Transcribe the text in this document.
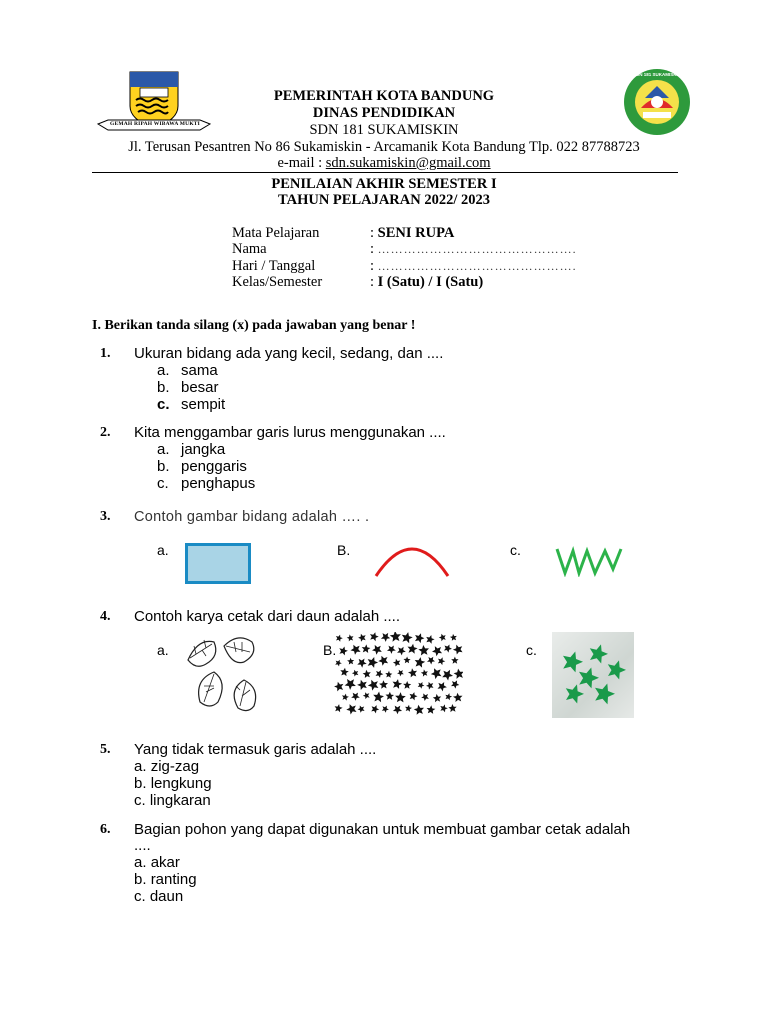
GEMAH RIPAH WIBAWA MUKTI
SDN 181 SUKAMISKIN
PEMERINTAH KOTA BANDUNG
DINAS PENDIDIKAN
SDN 181 SUKAMISKIN
Jl. Terusan Pesantren No 86 Sukamiskin - Arcamanik Kota Bandung Tlp. 022 87788723
e-mail : sdn.sukamiskin@gmail.com
PENILAIAN AKHIR SEMESTER I
TAHUN PELAJARAN 2022/ 2023
Mata Pelajaran	: SENI RUPA
Nama	: ……………………………………….
Hari / Tanggal	: ……………………………………….
Kelas/Semester	: I (Satu) / I (Satu)
I. Berikan tanda silang (x) pada jawaban yang benar !
1. Ukuran bidang ada yang kecil, sedang, dan ....
a. sama
b. besar
c. sempit
2. Kita menggambar garis lurus menggunakan ....
a. jangka
b. penggaris
c. penghapus
3. Contoh gambar bidang adalah …. .
a.	B.	c.
4. Contoh karya cetak dari daun adalah ....
a.	B.	c.
5. Yang tidak termasuk garis adalah ....
a. zig-zag
b. lengkung
c. lingkaran
6. Bagian pohon yang dapat digunakan untuk membuat gambar cetak adalah
....
a. akar
b. ranting
c. daun
